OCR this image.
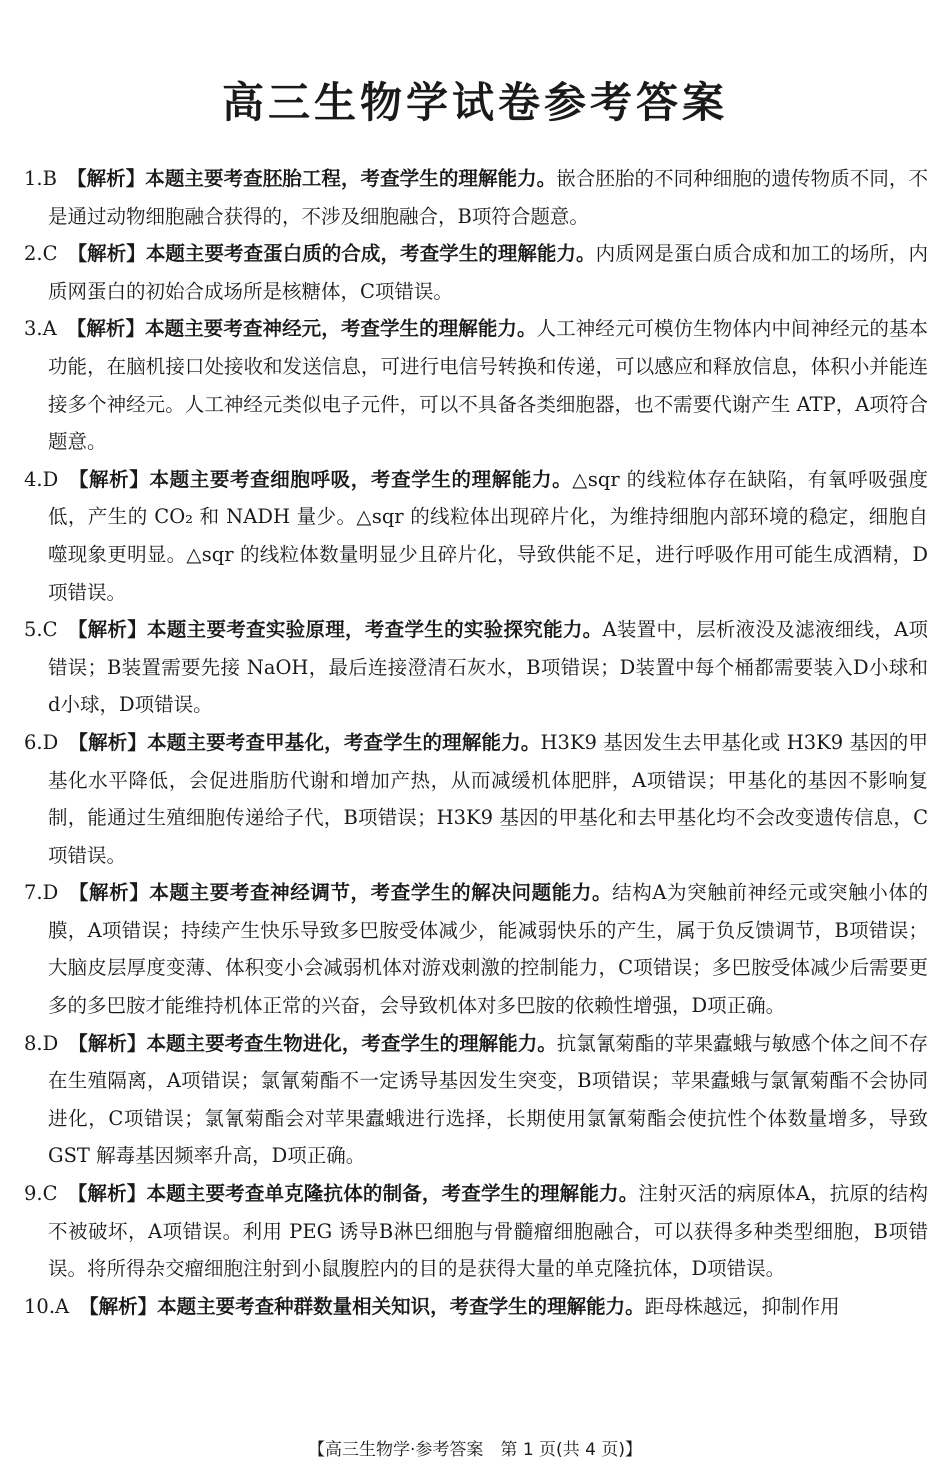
高三生物学试卷参考答案
1.B 【解析】本题主要考查胚胎工程，考查学生的理解能力。嵌合胚胎的不同种细胞的遗传物质不同，不是通过动物细胞融合获得的，不涉及细胞融合，B项符合题意。
2.C 【解析】本题主要考查蛋白质的合成，考查学生的理解能力。内质网是蛋白质合成和加工的场所，内质网蛋白的初始合成场所是核糖体，C项错误。
3.A 【解析】本题主要考查神经元，考查学生的理解能力。人工神经元可模仿生物体内中间神经元的基本功能，在脑机接口处接收和发送信息，可进行电信号转换和传递，可以感应和释放信息，体积小并能连接多个神经元。人工神经元类似电子元件，可以不具备各类细胞器，也不需要代谢产生 ATP，A项符合题意。
4.D 【解析】本题主要考查细胞呼吸，考查学生的理解能力。△sqr 的线粒体存在缺陷，有氧呼吸强度低，产生的 CO₂ 和 NADH 量少。△sqr 的线粒体出现碎片化，为维持细胞内部环境的稳定，细胞自噬现象更明显。△sqr 的线粒体数量明显少且碎片化，导致供能不足，进行呼吸作用可能生成酒精，D项错误。
5.C 【解析】本题主要考查实验原理，考查学生的实验探究能力。A装置中，层析液没及滤液细线，A项错误；B装置需要先接 NaOH，最后连接澄清石灰水，B项错误；D装置中每个桶都需要装入D小球和d小球，D项错误。
6.D 【解析】本题主要考查甲基化，考查学生的理解能力。H3K9 基因发生去甲基化或 H3K9 基因的甲基化水平降低，会促进脂肪代谢和增加产热，从而减缓机体肥胖，A项错误；甲基化的基因不影响复制，能通过生殖细胞传递给子代，B项错误；H3K9 基因的甲基化和去甲基化均不会改变遗传信息，C项错误。
7.D 【解析】本题主要考查神经调节，考查学生的解决问题能力。结构A为突触前神经元或突触小体的膜，A项错误；持续产生快乐导致多巴胺受体减少，能减弱快乐的产生，属于负反馈调节，B项错误；大脑皮层厚度变薄、体积变小会减弱机体对游戏刺激的控制能力，C项错误；多巴胺受体减少后需要更多的多巴胺才能维持机体正常的兴奋，会导致机体对多巴胺的依赖性增强，D项正确。
8.D 【解析】本题主要考查生物进化，考查学生的理解能力。抗氯氰菊酯的苹果蠹蛾与敏感个体之间不存在生殖隔离，A项错误；氯氰菊酯不一定诱导基因发生突变，B项错误；苹果蠹蛾与氯氰菊酯不会协同进化，C项错误；氯氰菊酯会对苹果蠹蛾进行选择，长期使用氯氰菊酯会使抗性个体数量增多，导致 GST 解毒基因频率升高，D项正确。
9.C 【解析】本题主要考查单克隆抗体的制备，考查学生的理解能力。注射灭活的病原体A，抗原的结构不被破坏，A项错误。利用 PEG 诱导B淋巴细胞与骨髓瘤细胞融合，可以获得多种类型细胞，B项错误。将所得杂交瘤细胞注射到小鼠腹腔内的目的是获得大量的单克隆抗体，D项错误。
10.A 【解析】本题主要考查种群数量相关知识，考查学生的理解能力。距母株越远，抑制作用
【高三生物学·参考答案　第 1 页(共 4 页)】
